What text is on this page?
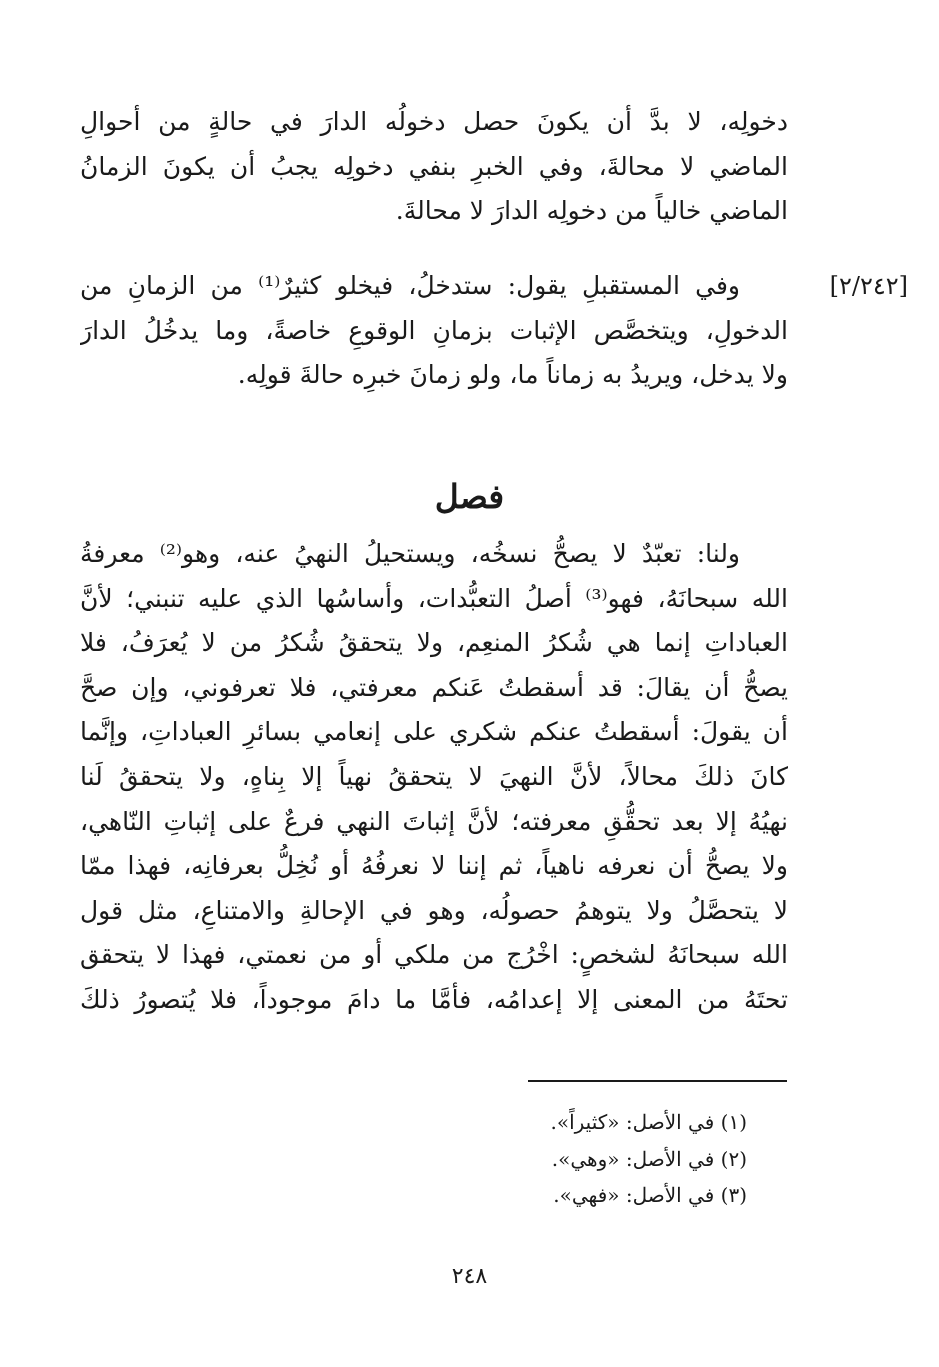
دخولِه، لا بدَّ أن يكونَ حصل دخولُه الدارَ في حالةٍ من أحوالِ
الماضي لا محالةَ، وفي الخبرِ بنفي دخولِه يجبُ أن يكونَ الزمانُ
الماضي خالياً من دخولِه الدارَ لا محالةَ.
[٢/٢٤٢]
وفي المستقبلِ يقول: ستدخلُ، فيخلو كثيرٌ⁽¹⁾ من الزمانِ من
الدخولِ، ويتخصَّص الإثبات بزمانِ الوقوعِ خاصةً، وما يدخُلُ الدارَ
ولا يدخل، ويريدُ به زماناً ما، ولو زمانَ خبرِه حالةَ قولِه.
فصل
ولنا: تعبّدٌ لا يصحُّ نسخُه، ويستحيلُ النهيُ عنه، وهو⁽²⁾ معرفةُ
الله سبحانَهُ، فهو⁽³⁾ أصلُ التعبُّدات، وأساسُها الذي عليه تنبني؛ لأنَّ
العباداتِ إنما هي شُكرُ المنعِم، ولا يتحققُ شُكرُ من لا يُعرَفُ، فلا
يصحُّ أن يقالَ: قد أسقطتُ عَنكم معرفتي، فلا تعرفوني، وإن صحَّ
أن يقولَ: أسقطتُ عنكم شكري على إنعامي بسائرِ العباداتِ، وإنَّما
كانَ ذلكَ محالاً، لأنَّ النهيَ لا يتحققُ نهياً إلا بِناهٍ، ولا يتحققُ لَنا
نهيُهُ إلا بعد تحقُّقِ معرفته؛ لأنَّ إثباتَ النهي فرعٌ على إثباتِ النّاهي،
ولا يصحُّ أن نعرفه ناهياً، ثم إننا لا نعرفُهُ أو نُخِلُّ بعرفانِه، فهذا ممّا
لا يتحصَّلُ ولا يتوهمُ حصولُه، وهو في الإحالةِ والامتناعِ، مثل قول
الله سبحانَهُ لشخصٍ: اخْرُج من ملكي أو من نعمتي، فهذا لا يتحقق
تحتَهُ من المعنى إلا إعدامُه، فأمَّا ما دامَ موجوداً، فلا يُتصورُ ذلكَ
(١) في الأصل: «كثيراً».
(٢) في الأصل: «وهي».
(٣) في الأصل: «فهي».
٢٤٨
